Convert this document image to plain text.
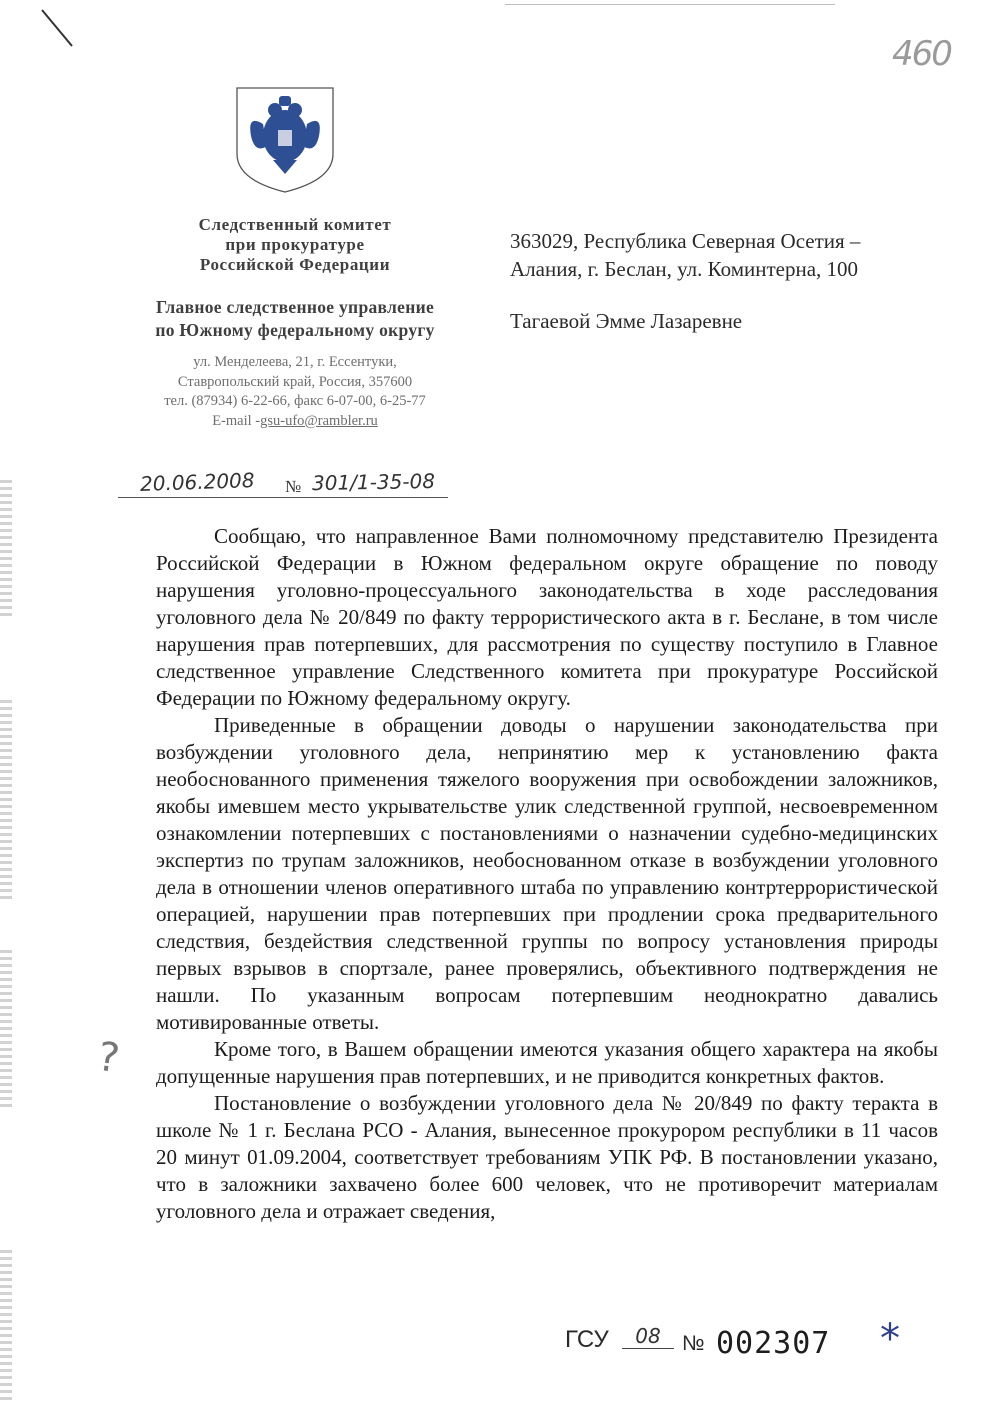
460
Следственный комитет
при прокуратуре
Российской Федерации
Главное следственное управление
по Южному федеральному округу
ул. Менделеева, 21, г. Ессентуки,
Ставропольский край, Россия, 357600
тел. (87934) 6-22-66, факс 6-07-00, 6-25-77
E-mail -gsu-ufo@rambler.ru
363029, Республика Северная Осетия –
Алания, г. Беслан, ул. Коминтерна, 100
Тагаевой Эмме Лазаревне
20.06.2008 № 301/1-35-08

Сообщаю, что направленное Вами полномочному представителю Президента Российской Федерации в Южном федеральном округе обращение по поводу нарушения уголовно-процессуального законодательства в ходе расследования уголовного дела № 20/849 по факту террористического акта в г. Беслане, в том числе нарушения прав потерпевших, для рассмотрения по существу поступило в Главное следственное управление Следственного комитета при прокуратуре Российской Федерации по Южному федеральному округу.

Приведенные в обращении доводы о нарушении законодательства при возбуждении уголовного дела, непринятию мер к установлению факта необоснованного применения тяжелого вооружения при освобождении заложников, якобы имевшем место укрывательстве улик следственной группой, несвоевременном ознакомлении потерпевших с постановлениями о назначении судебно-медицинских экспертиз по трупам заложников, необоснованном отказе в возбуждении уголовного дела в отношении членов оперативного штаба по управлению контртеррористической операцией, нарушении прав потерпевших при продлении срока предварительного следствия, бездействия следственной группы по вопросу установления природы первых взрывов в спортзале, ранее проверялись, объективного подтверждения не нашли. По указанным вопросам потерпевшим неоднократно давались мотивированные ответы.

Кроме того, в Вашем обращении имеются указания общего характера на якобы допущенные нарушения прав потерпевших, и не приводится конкретных фактов.

Постановление о возбуждении уголовного дела № 20/849 по факту теракта в школе № 1 г. Беслана РСО - Алания, вынесенное прокурором республики в 11 часов 20 минут 01.09.2004, соответствует требованиям УПК РФ. В постановлении указано, что в заложники захвачено более 600 человек, что не противоречит материалам уголовного дела и отражает сведения,

?
ГСУ	08	№ 002307 *
